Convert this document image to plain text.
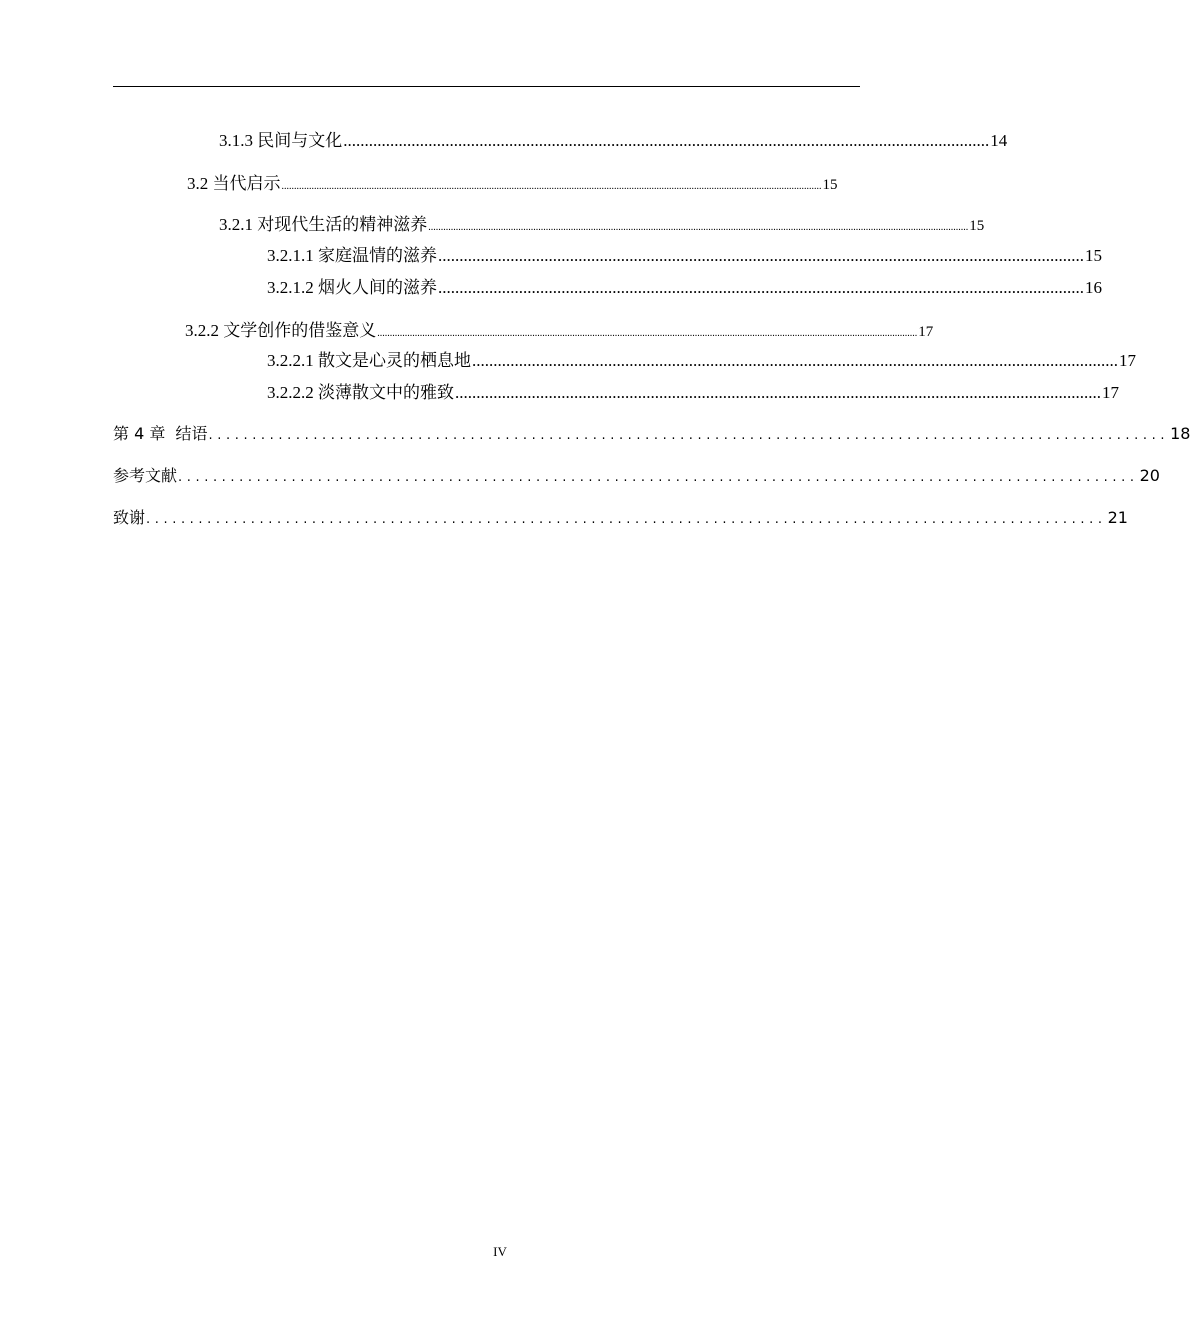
3.1.3 民间与文化 ........................................................................................................................................................ 14
3.2 当代启示 ........................................................................................................................................................................................................................ 15
3.2.1 对现代生活的精神滋养 ........................................................................................................................................................................................................................ 15
3.2.1.1 家庭温情的滋养 ........................................................................................................................................................ 15
3.2.1.2 烟火人间的滋养 ........................................................................................................................................................ 16
3.2.2 文学创作的借鉴意义 ........................................................................................................................................................................................................................ 17
3.2.2.1 散文是心灵的栖息地 ........................................................................................................................................................ 17
3.2.2.2 淡薄散文中的雅致 ........................................................................................................................................................ 17
第 4 章  结语 .............................................................................................................. 18
参考文献 .............................................................................................................. 20
致谢 .............................................................................................................. 21
IV
